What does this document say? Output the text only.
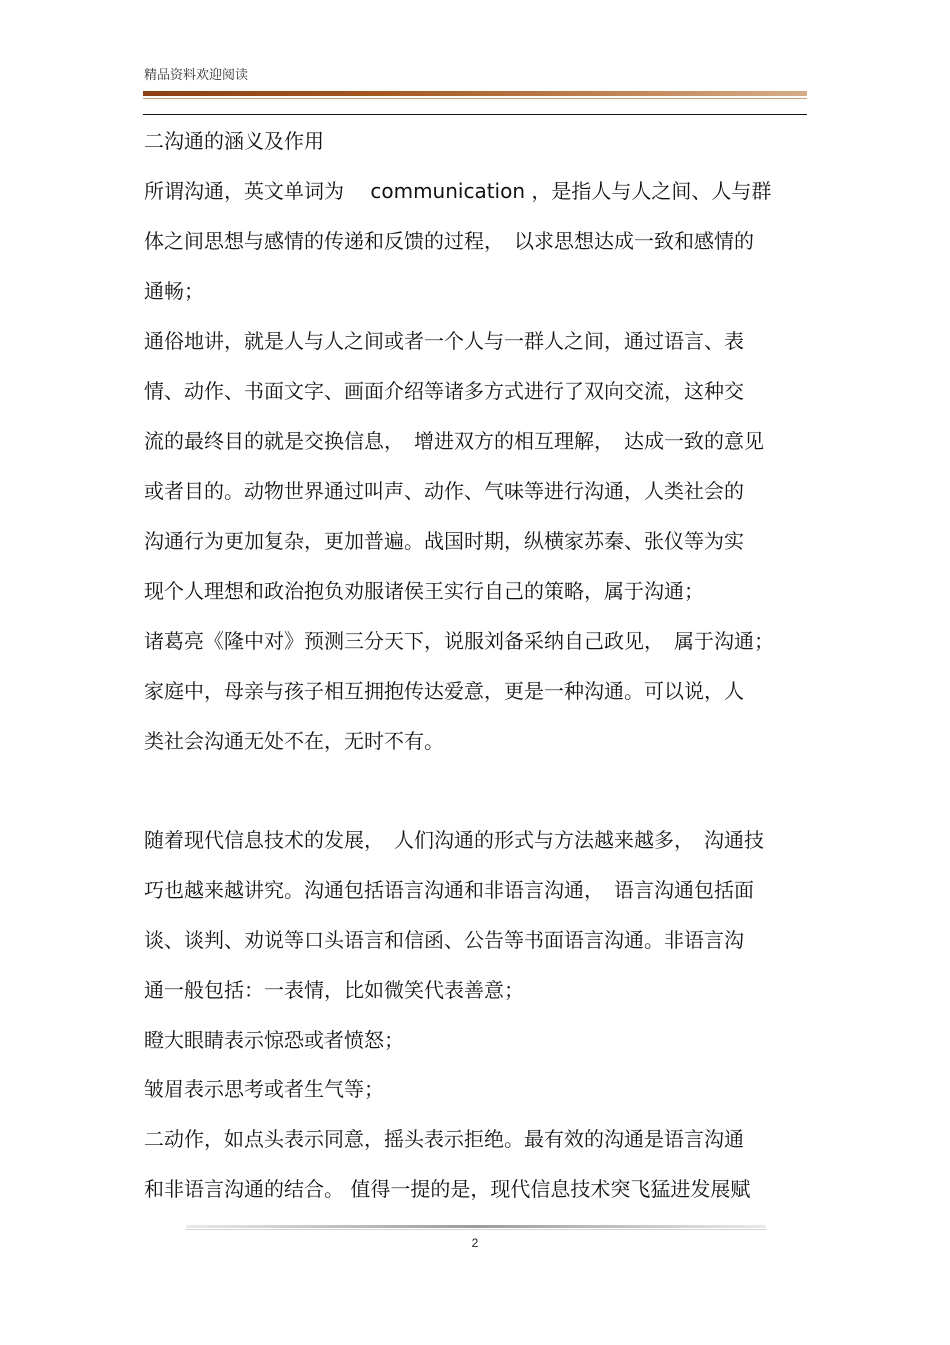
精品资料欢迎阅读
二沟通的涵义及作用
所谓沟通，英文单词为　 communication ，是指人与人之间、人与群
体之间思想与感情的传递和反馈的过程，　以求思想达成一致和感情的
通畅；
通俗地讲，就是人与人之间或者一个人与一群人之间，通过语言、表
情、动作、书面文字、画面介绍等诸多方式进行了双向交流，这种交
流的最终目的就是交换信息，　增进双方的相互理解，　达成一致的意见
或者目的。动物世界通过叫声、动作、气味等进行沟通，人类社会的
沟通行为更加复杂，更加普遍。战国时期，纵横家苏秦、张仪等为实
现个人理想和政治抱负劝服诸侯王实行自己的策略，属于沟通；
诸葛亮《隆中对》预测三分天下，说服刘备采纳自己政见，　属于沟通；
家庭中，母亲与孩子相互拥抱传达爱意，更是一种沟通。可以说，人
类社会沟通无处不在，无时不有。
随着现代信息技术的发展，　人们沟通的形式与方法越来越多，　沟通技
巧也越来越讲究。沟通包括语言沟通和非语言沟通，　语言沟通包括面
谈、谈判、劝说等口头语言和信函、公告等书面语言沟通。非语言沟
通一般包括：一表情，比如微笑代表善意；
瞪大眼睛表示惊恐或者愤怒；
皱眉表示思考或者生气等；
二动作，如点头表示同意，摇头表示拒绝。最有效的沟通是语言沟通
和非语言沟通的结合。 值得一提的是，现代信息技术突飞猛进发展赋
2
